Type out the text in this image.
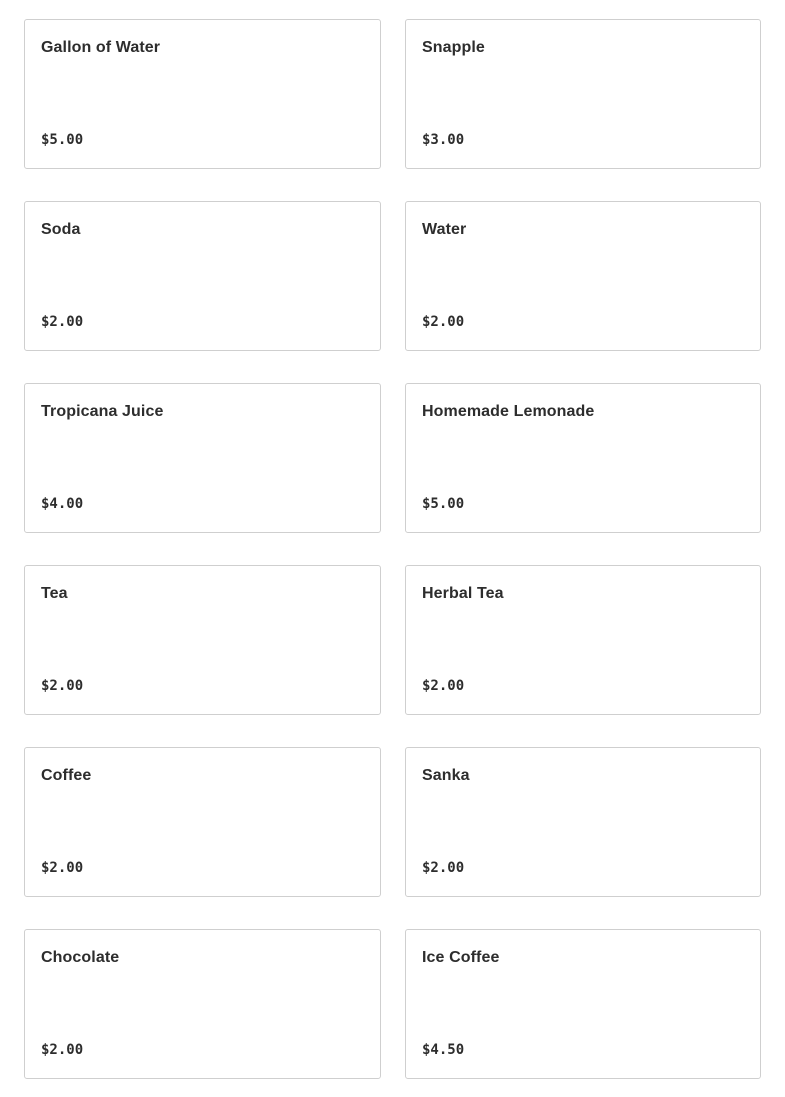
Gallon of Water
$5.00
Snapple
$3.00
Soda
$2.00
Water
$2.00
Tropicana Juice
$4.00
Homemade Lemonade
$5.00
Tea
$2.00
Herbal Tea
$2.00
Coffee
$2.00
Sanka
$2.00
Chocolate
$2.00
Ice Coffee
$4.50
